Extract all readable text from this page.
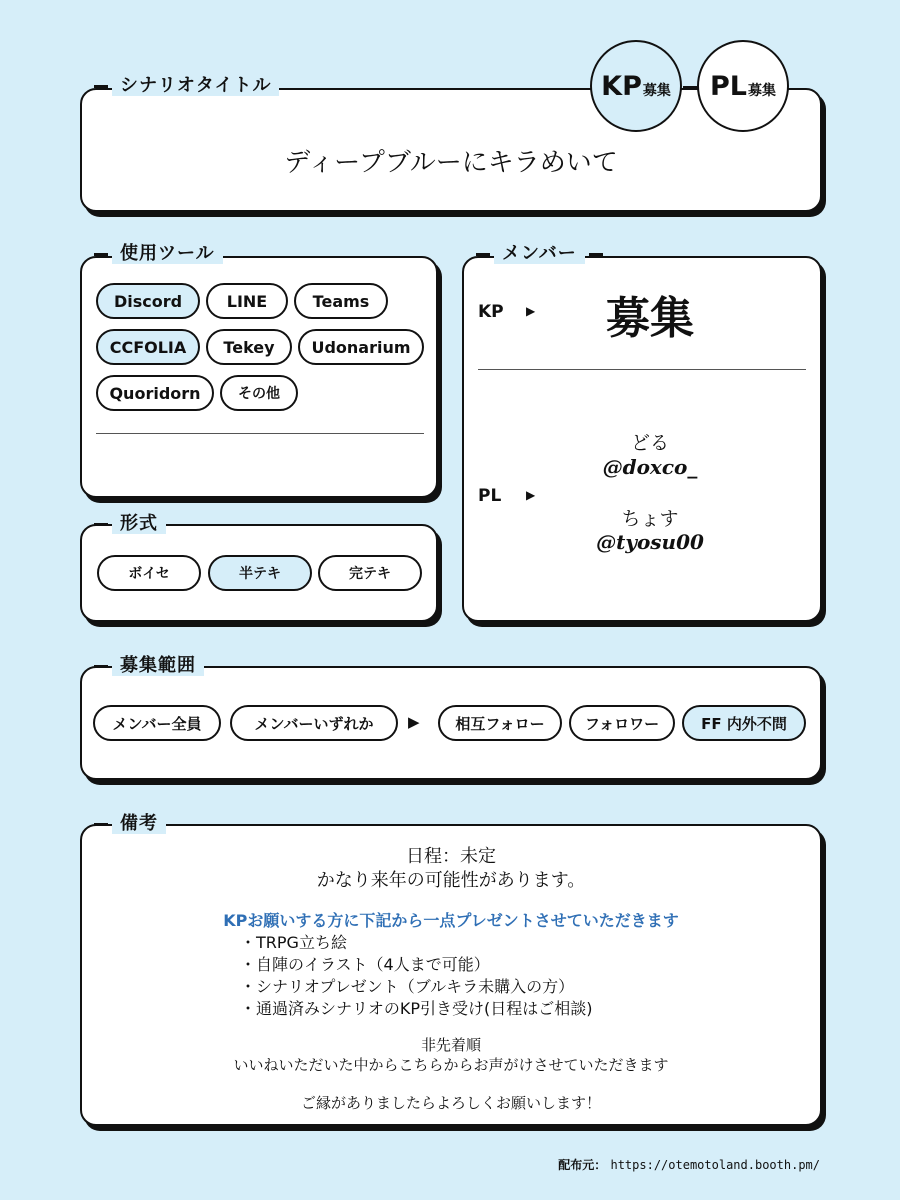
シナリオタイトル
ディープブルーにキラめいて
KP 募集 PL 募集
使用ツール
Discord	LINE	Teams
CCFOLIA	Tekey	Udonarium
Quoridorn	その他
形式
ボイセ	半テキ	完テキ
メンバー
KP ▶	募集
PL ▶
どる
@doxco_
ちょす
@tyosu00
募集範囲
メンバー全員	メンバーいずれか	▶	相互フォロー	フォロワー	FF 内外不問
備考
日程：未定
かなり来年の可能性があります。
KPお願いする方に下記から一点プレゼントさせていただきます
・TRPG立ち絵
・自陣のイラスト（4人まで可能）
・シナリオプレゼント（ブルキラ未購入の方）
・通過済みシナリオのKP引き受け(日程はご相談)
非先着順
いいねいただいた中からこちらからお声がけさせていただきます
ご縁がありましたらよろしくお願いします！
配布元： https://otemotoland.booth.pm/
